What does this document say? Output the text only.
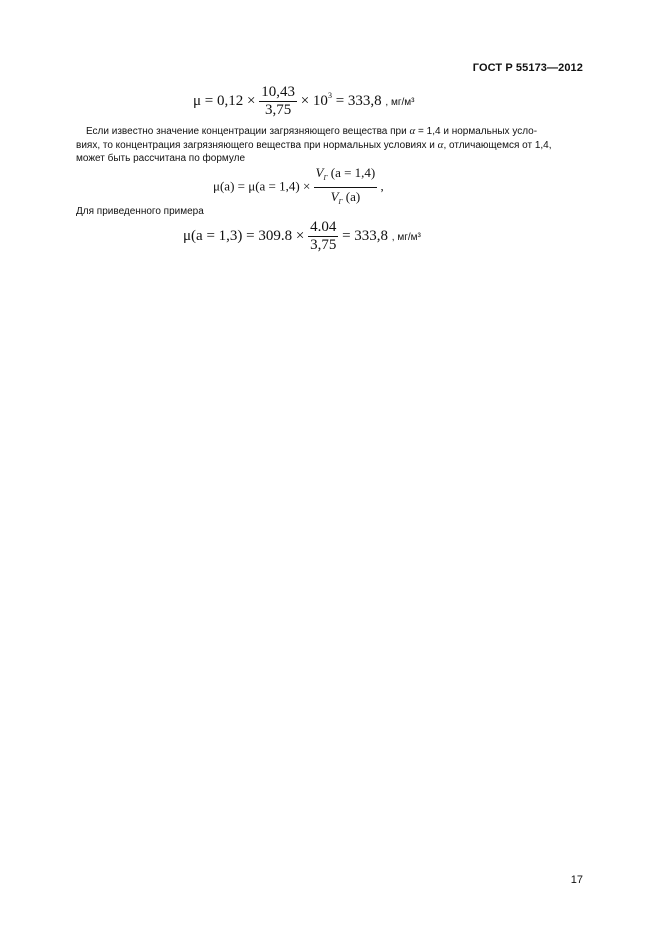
ГОСТ Р 55173—2012
$\mu = 0,12 \times \frac{10,43}{3,75} \times 10^3 = 333,8$ , мг/м³
Если известно значение концентрации загрязняющего вещества при α = 1,4 и нормальных усло-
виях, то концентрация загрязняющего вещества при нормальных условиях и α, отличающемся от 1,4,
может быть рассчитана по формуле
$\mu(a) = \mu(a = 1,4) \times \frac{V_Г (a = 1,4)}{V_Г (a)}$ ,
Для приведенного примера
$\mu(a = 1,3) = 309.8 \times \frac{4.04}{3,75} = 333,8$ , мг/м³
17
